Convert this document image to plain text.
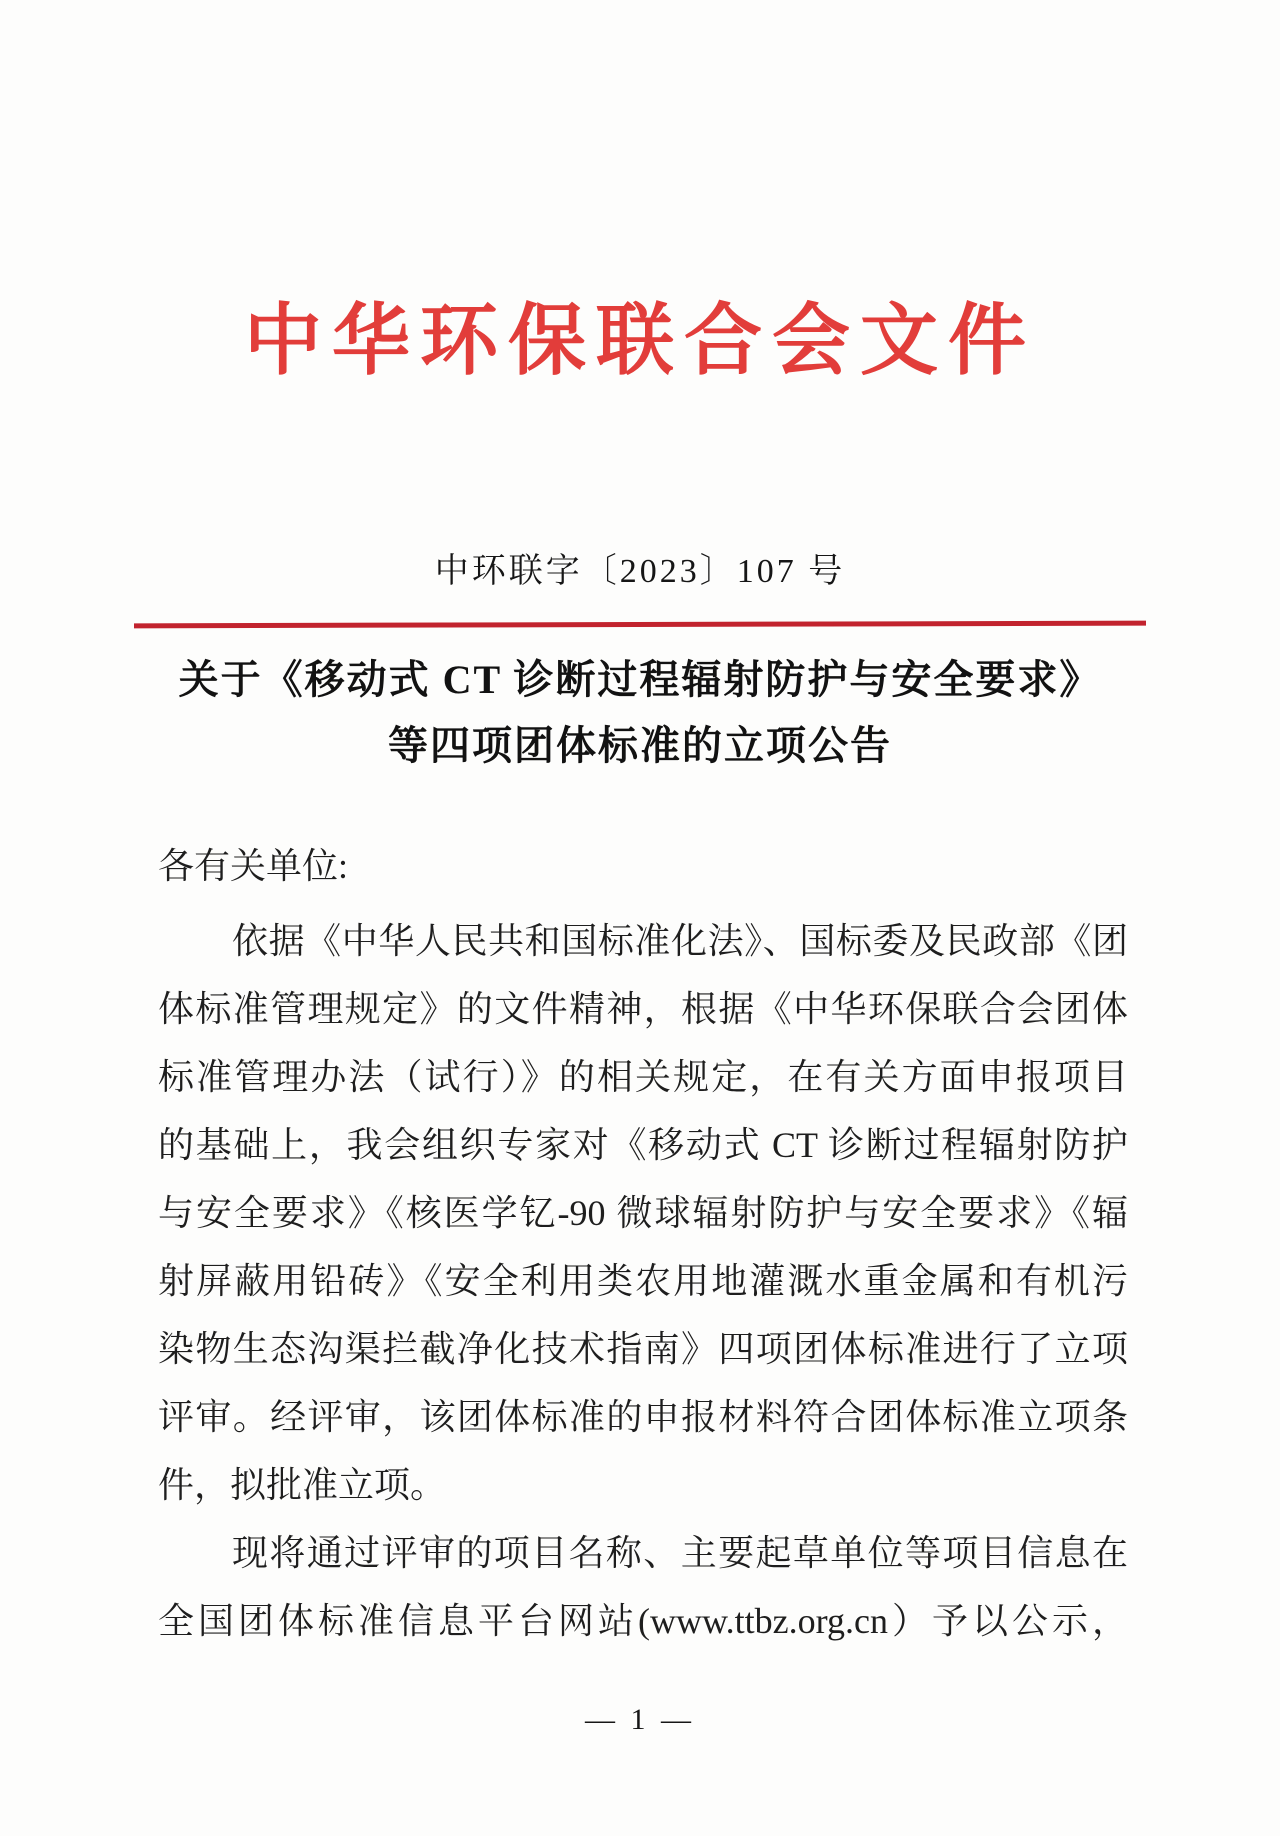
中华环保联合会文件
中环联字〔2023〕107 号
关于《移动式 CT 诊断过程辐射防护与安全要求》
等四项团体标准的立项公告
各有关单位:
依据《中华人民共和国标准化法》、国标委及民政部《团
体标准管理规定》的文件精神，根据《中华环保联合会团体
标准管理办法（试行）》的相关规定，在有关方面申报项目
的基础上，我会组织专家对《移动式 CT 诊断过程辐射防护
与安全要求》《核医学钇-90 微球辐射防护与安全要求》《辐
射屏蔽用铅砖》《安全利用类农用地灌溉水重金属和有机污
染物生态沟渠拦截净化技术指南》四项团体标准进行了立项
评审。经评审，该团体标准的申报材料符合团体标准立项条
件，拟批准立项。
现将通过评审的项目名称、主要起草单位等项目信息在
全国团体标准信息平台网站(www.ttbz.org.cn）予以公示，
— 1 —
